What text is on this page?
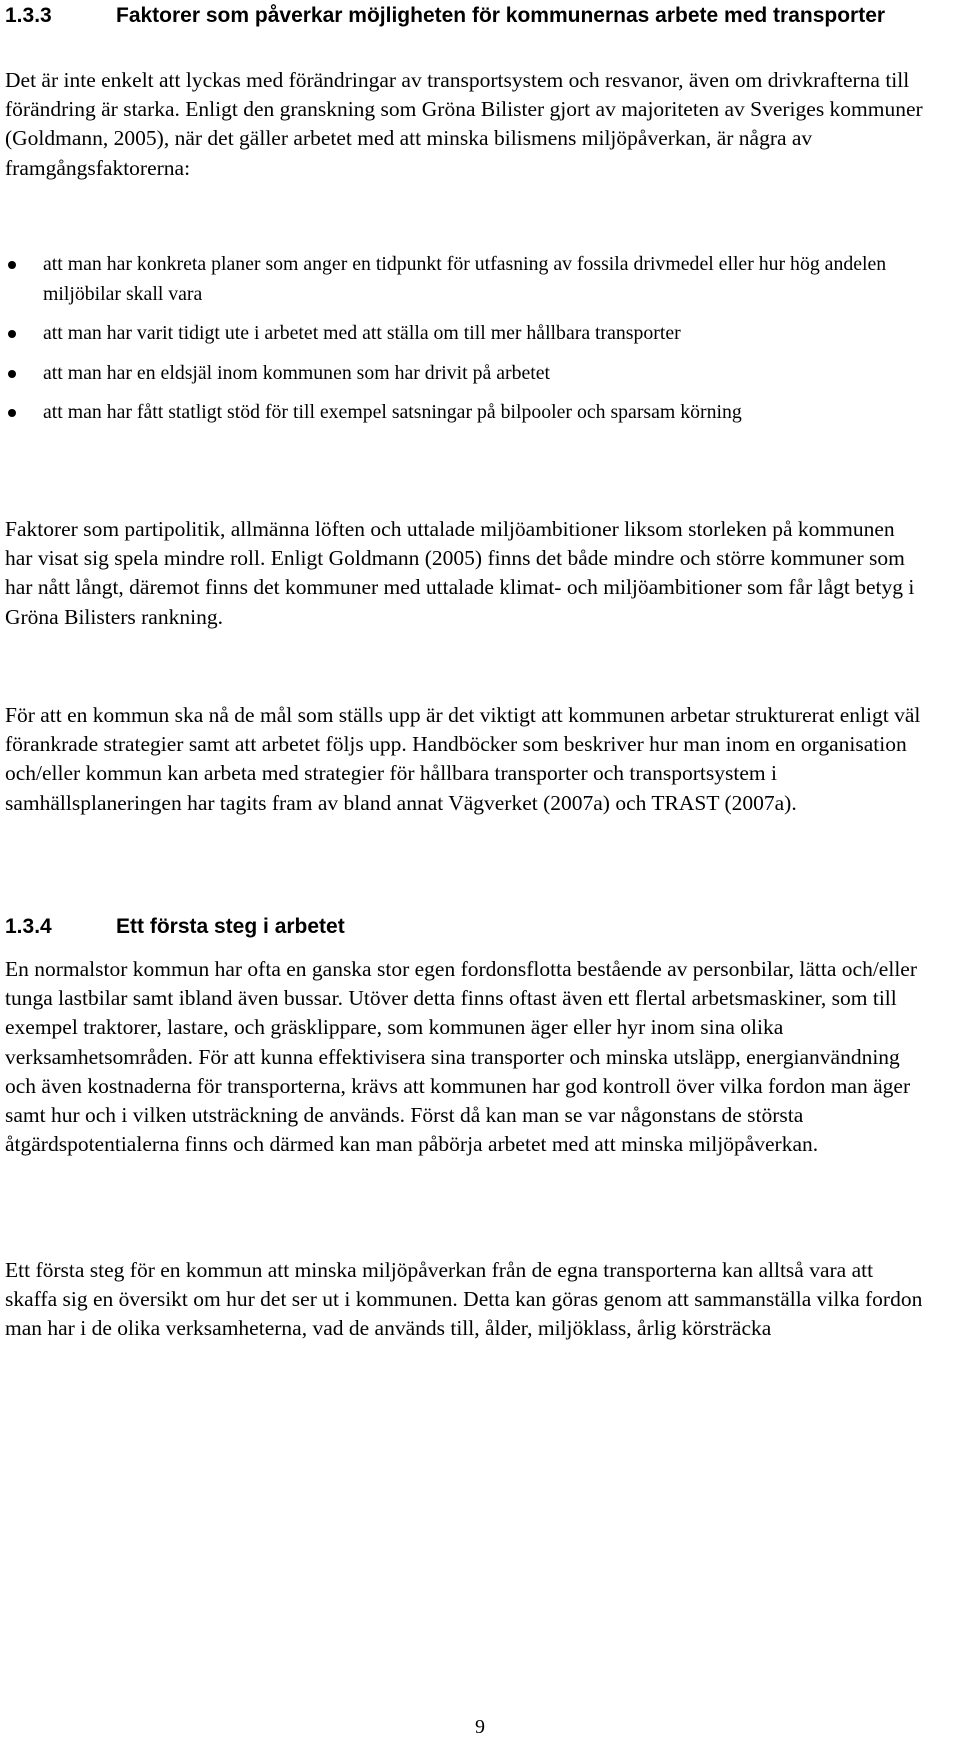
1.3.3	Faktorer som påverkar möjligheten för kommunernas arbete med transporter

Det är inte enkelt att lyckas med förändringar av transportsystem och resvanor, även om drivkrafterna till förändring är starka. Enligt den granskning som Gröna Bilister gjort av majoriteten av Sveriges kommuner (Goldmann, 2005), när det gäller arbetet med att minska bilismens miljöpåverkan, är några av framgångsfaktorerna:

att man har konkreta planer som anger en tidpunkt för utfasning av fossila drivmedel eller hur hög andelen miljöbilar skall vara
att man har varit tidigt ute i arbetet med att ställa om till mer hållbara transporter
att man har en eldsjäl inom kommunen som har drivit på arbetet
att man har fått statligt stöd för till exempel satsningar på bilpooler och sparsam körning

Faktorer som partipolitik, allmänna löften och uttalade miljöambitioner liksom storleken på kommunen har visat sig spela mindre roll. Enligt Goldmann (2005) finns det både mindre och större kommuner som har nått långt, däremot finns det kommuner med uttalade klimat- och miljöambitioner som får lågt betyg i Gröna Bilisters rankning.

För att en kommun ska nå de mål som ställs upp är det viktigt att kommunen arbetar strukturerat enligt väl förankrade strategier samt att arbetet följs upp. Handböcker som beskriver hur man inom en organisation och/eller kommun kan arbeta med strategier för hållbara transporter och transportsystem i samhällsplaneringen har tagits fram av bland annat Vägverket (2007a) och TRAST (2007a).

1.3.4	Ett första steg i arbetet

En normalstor kommun har ofta en ganska stor egen fordonsflotta bestående av personbilar, lätta och/eller tunga lastbilar samt ibland även bussar. Utöver detta finns oftast även ett flertal arbetsmaskiner, som till exempel traktorer, lastare, och gräsklippare, som kommunen äger eller hyr inom sina olika verksamhetsområden. För att kunna effektivisera sina transporter och minska utsläpp, energianvändning och även kostnaderna för transporterna, krävs att kommunen har god kontroll över vilka fordon man äger samt hur och i vilken utsträckning de används. Först då kan man se var någonstans de största åtgärdspotentialerna finns och därmed kan man påbörja arbetet med att minska miljöpåverkan.

Ett första steg för en kommun att minska miljöpåverkan från de egna transporterna kan alltså vara att skaffa sig en översikt om hur det ser ut i kommunen. Detta kan göras genom att sammanställa vilka fordon man har i de olika verksamheterna, vad de används till, ålder, miljöklass, årlig körsträcka

9
